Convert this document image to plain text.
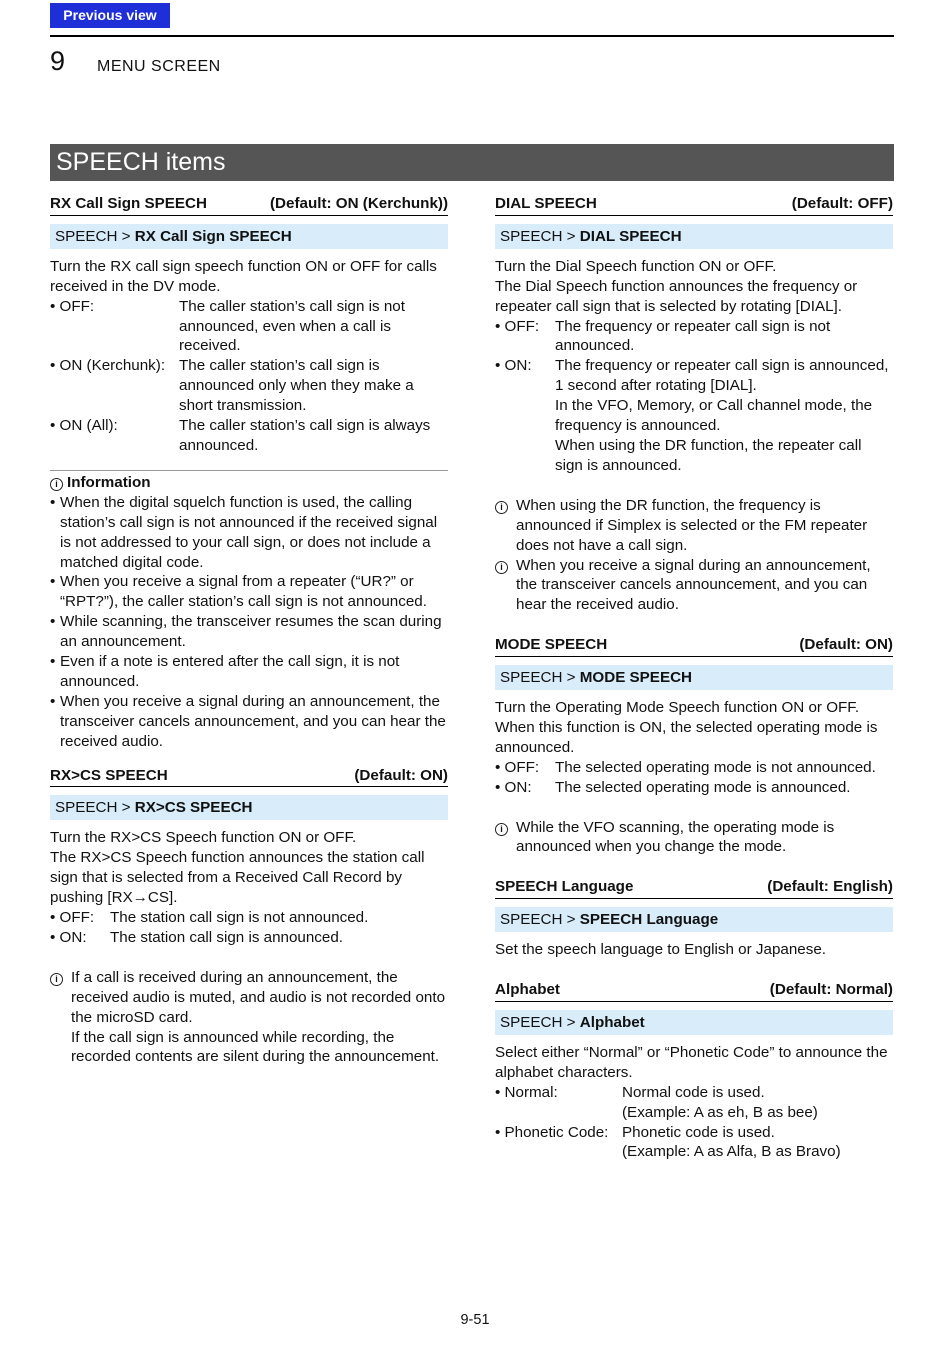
Previous view
9 MENU SCREEN
SPEECH items
RX Call Sign SPEECH	(Default: ON (Kerchunk))
SPEECH > RX Call Sign SPEECH
Turn the RX call sign speech function ON or OFF for calls received in the DV mode.
• OFF:	The caller station’s call sign is not announced, even when a call is received.
• ON (Kerchunk): The caller station’s call sign is announced only when they make a short transmission.
• ON (All):	The caller station’s call sign is always announced.
i Information
• When the digital squelch function is used, the calling station’s call sign is not announced if the received signal is not addressed to your call sign, or does not include a matched digital code.
• When you receive a signal from a repeater (“UR?” or “RPT?”), the caller station’s call sign is not announced.
• While scanning, the transceiver resumes the scan during an announcement.
• Even if a note is entered after the call sign, it is not announced.
• When you receive a signal during an announcement, the transceiver cancels announcement, and you can hear the received audio.
RX>CS SPEECH	(Default: ON)
SPEECH > RX>CS SPEECH
Turn the RX>CS Speech function ON or OFF.
The RX>CS Speech function announces the station call sign that is selected from a Received Call Record by pushing [RX→CS].
• OFF:	The station call sign is not announced.
• ON:	The station call sign is announced.
i If a call is received during an announcement, the received audio is muted, and audio is not recorded onto the microSD card.
If the call sign is announced while recording, the recorded contents are silent during the announcement.
DIAL SPEECH	(Default: OFF)
SPEECH > DIAL SPEECH
Turn the Dial Speech function ON or OFF.
The Dial Speech function announces the frequency or repeater call sign that is selected by rotating [DIAL].
• OFF:	The frequency or repeater call sign is not announced.
• ON:	The frequency or repeater call sign is announced, 1 second after rotating [DIAL].
In the VFO, Memory, or Call channel mode, the frequency is announced.
When using the DR function, the repeater call sign is announced.
i When using the DR function, the frequency is announced if Simplex is selected or the FM repeater does not have a call sign.
i When you receive a signal during an announcement, the transceiver cancels announcement, and you can hear the received audio.
MODE SPEECH	(Default: ON)
SPEECH > MODE SPEECH
Turn the Operating Mode Speech function ON or OFF.
When this function is ON, the selected operating mode is announced.
• OFF:	The selected operating mode is not announced.
• ON:	The selected operating mode is announced.
i While the VFO scanning, the operating mode is announced when you change the mode.
SPEECH Language	(Default: English)
SPEECH > SPEECH Language
Set the speech language to English or Japanese.
Alphabet	(Default: Normal)
SPEECH > Alphabet
Select either “Normal” or “Phonetic Code” to announce the alphabet characters.
• Normal:	Normal code is used.
(Example: A as eh, B as bee)
• Phonetic Code: Phonetic code is used.
(Example: A as Alfa, B as Bravo)
9-51
